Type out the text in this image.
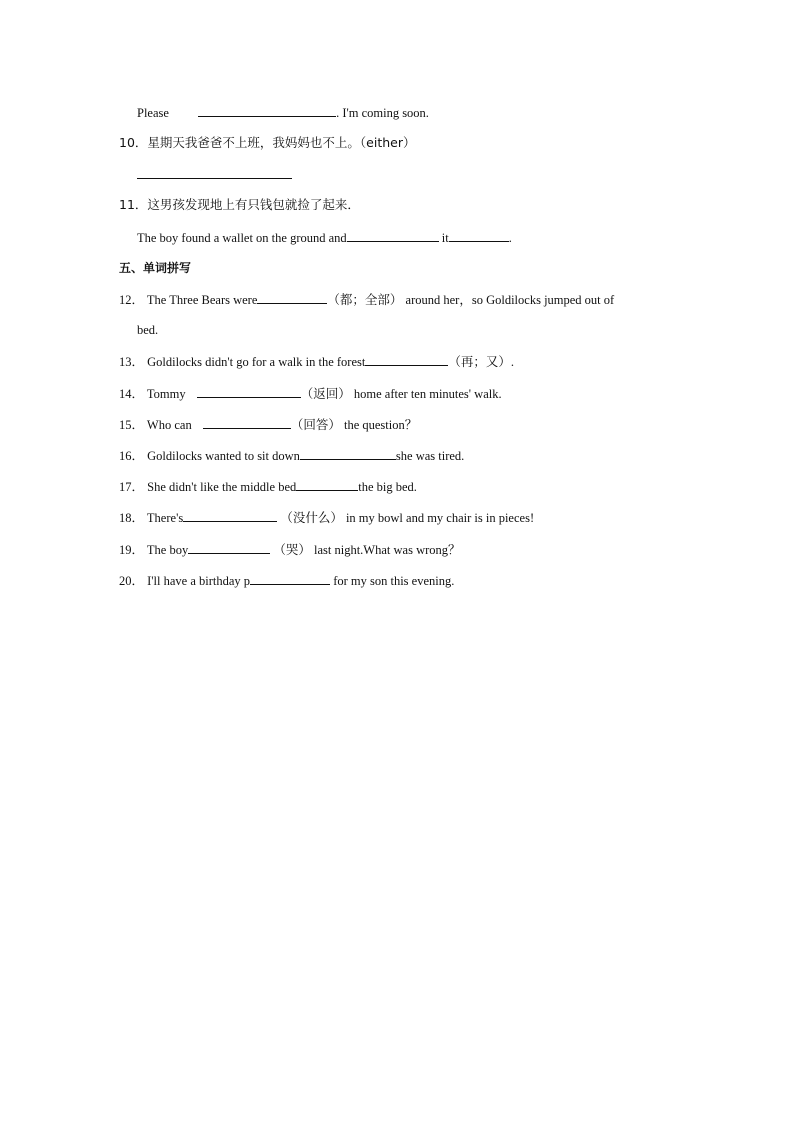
Please	. I'm coming soon.
10．星期天我爸爸不上班，我妈妈也不上。（either）
11．这男孩发现地上有只钱包就捡了起来．
The boy found a wallet on the ground and	it	.
五、单词拼写
12． The Three Bears were	（都；全部） around her，so Goldilocks jumped out of
bed.
13． Goldilocks didn't go for a walk in the forest	（再；又）.
14． Tommy	（返回） home after ten minutes' walk.
15． Who can	（回答） the question？
16． Goldilocks wanted to sit down	she was tired.
17． She didn't like the middle bed	the big bed.
18． There's	（没什么） in my bowl and my chair is in pieces!
19． The boy	（哭） last night.What was wrong？
20． I'll have a birthday p	for my son this evening.
